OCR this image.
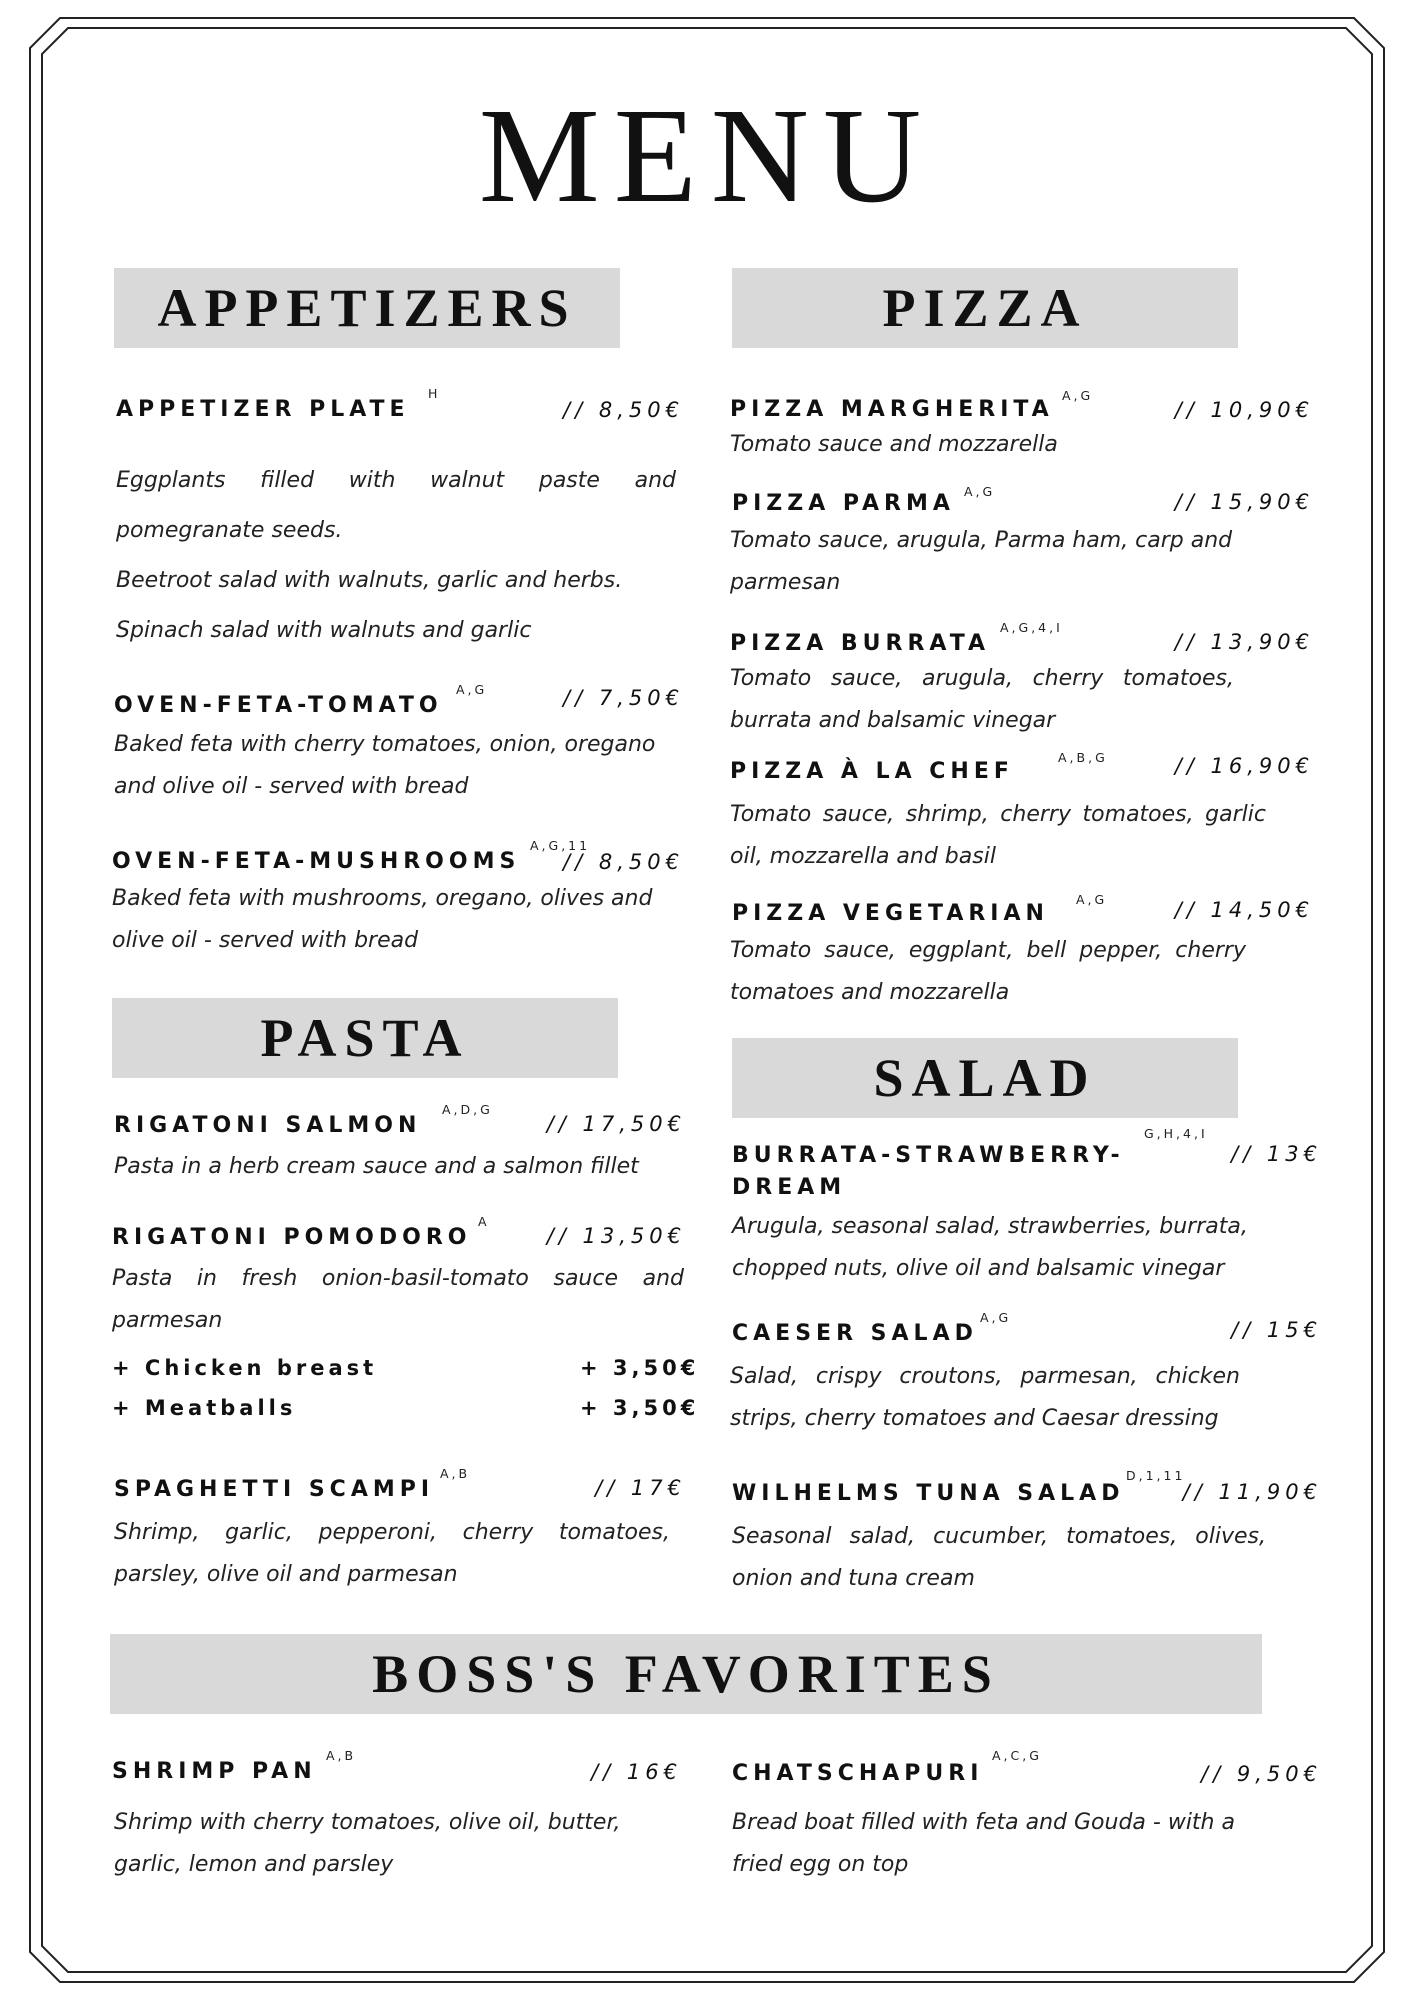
MENU
APPETIZERS	PIZZA
PASTA
SALAD
BOSS'S FAVORITES
APPETIZER PLATE
H
// 8,50€
Eggplants filled with walnut paste and
pomegranate seeds.
Beetroot salad with walnuts, garlic and herbs.
Spinach salad with walnuts and garlic
OVEN-FETA-TOMATO
A,G	// 7,50€
Baked feta with cherry tomatoes, onion, oregano
and olive oil - served with bread
OVEN-FETA-MUSHROOMS
A,G,11
// 8,50€
Baked feta with mushrooms, oregano, olives and
olive oil - served with bread
RIGATONI SALMON
A,D,G
// 17,50€
Pasta in a herb cream sauce and a salmon fillet
RIGATONI POMODORO
A
// 13,50€
Pasta in fresh onion-basil-tomato sauce and
parmesan
+ Chicken breast	+ 3,50€
+ Meatballs	+ 3,50€
SPAGHETTI SCAMPI
A,B
// 17€
Shrimp, garlic, pepperoni, cherry tomatoes,
parsley, olive oil and parmesan
PIZZA MARGHERITA
A,G
// 10,90€
Tomato sauce and mozzarella
PIZZA PARMA A,G	// 15,90€
Tomato sauce, arugula, Parma ham, carp and
parmesan
PIZZA BURRATA
A,G,4,I
// 13,90€
Tomato sauce, arugula, cherry tomatoes,
burrata and balsamic vinegar
PIZZA À LA CHEF
A,B,G	// 16,90€
Tomato sauce, shrimp, cherry tomatoes, garlic
oil, mozzarella and basil
PIZZA VEGETARIAN
A,G	// 14,50€
Tomato sauce, eggplant, bell pepper, cherry
tomatoes and mozzarella
BURRATA-STRAWBERRY-
DREAM
G,H,4,I
// 13€
Arugula, seasonal salad, strawberries, burrata,
chopped nuts, olive oil and balsamic vinegar
CAESER SALAD
A,G
// 15€
Salad, crispy croutons, parmesan, chicken
strips, cherry tomatoes and Caesar dressing
WILHELMS TUNA SALAD
D,1,11
// 11,90€
Seasonal salad, cucumber, tomatoes, olives,
onion and tuna cream
SHRIMP PAN
A,B
// 16€
Shrimp with cherry tomatoes, olive oil, butter,
garlic, lemon and parsley
CHATSCHAPURI
A,C,G
// 9,50€
Bread boat filled with feta and Gouda - with a
fried egg on top
